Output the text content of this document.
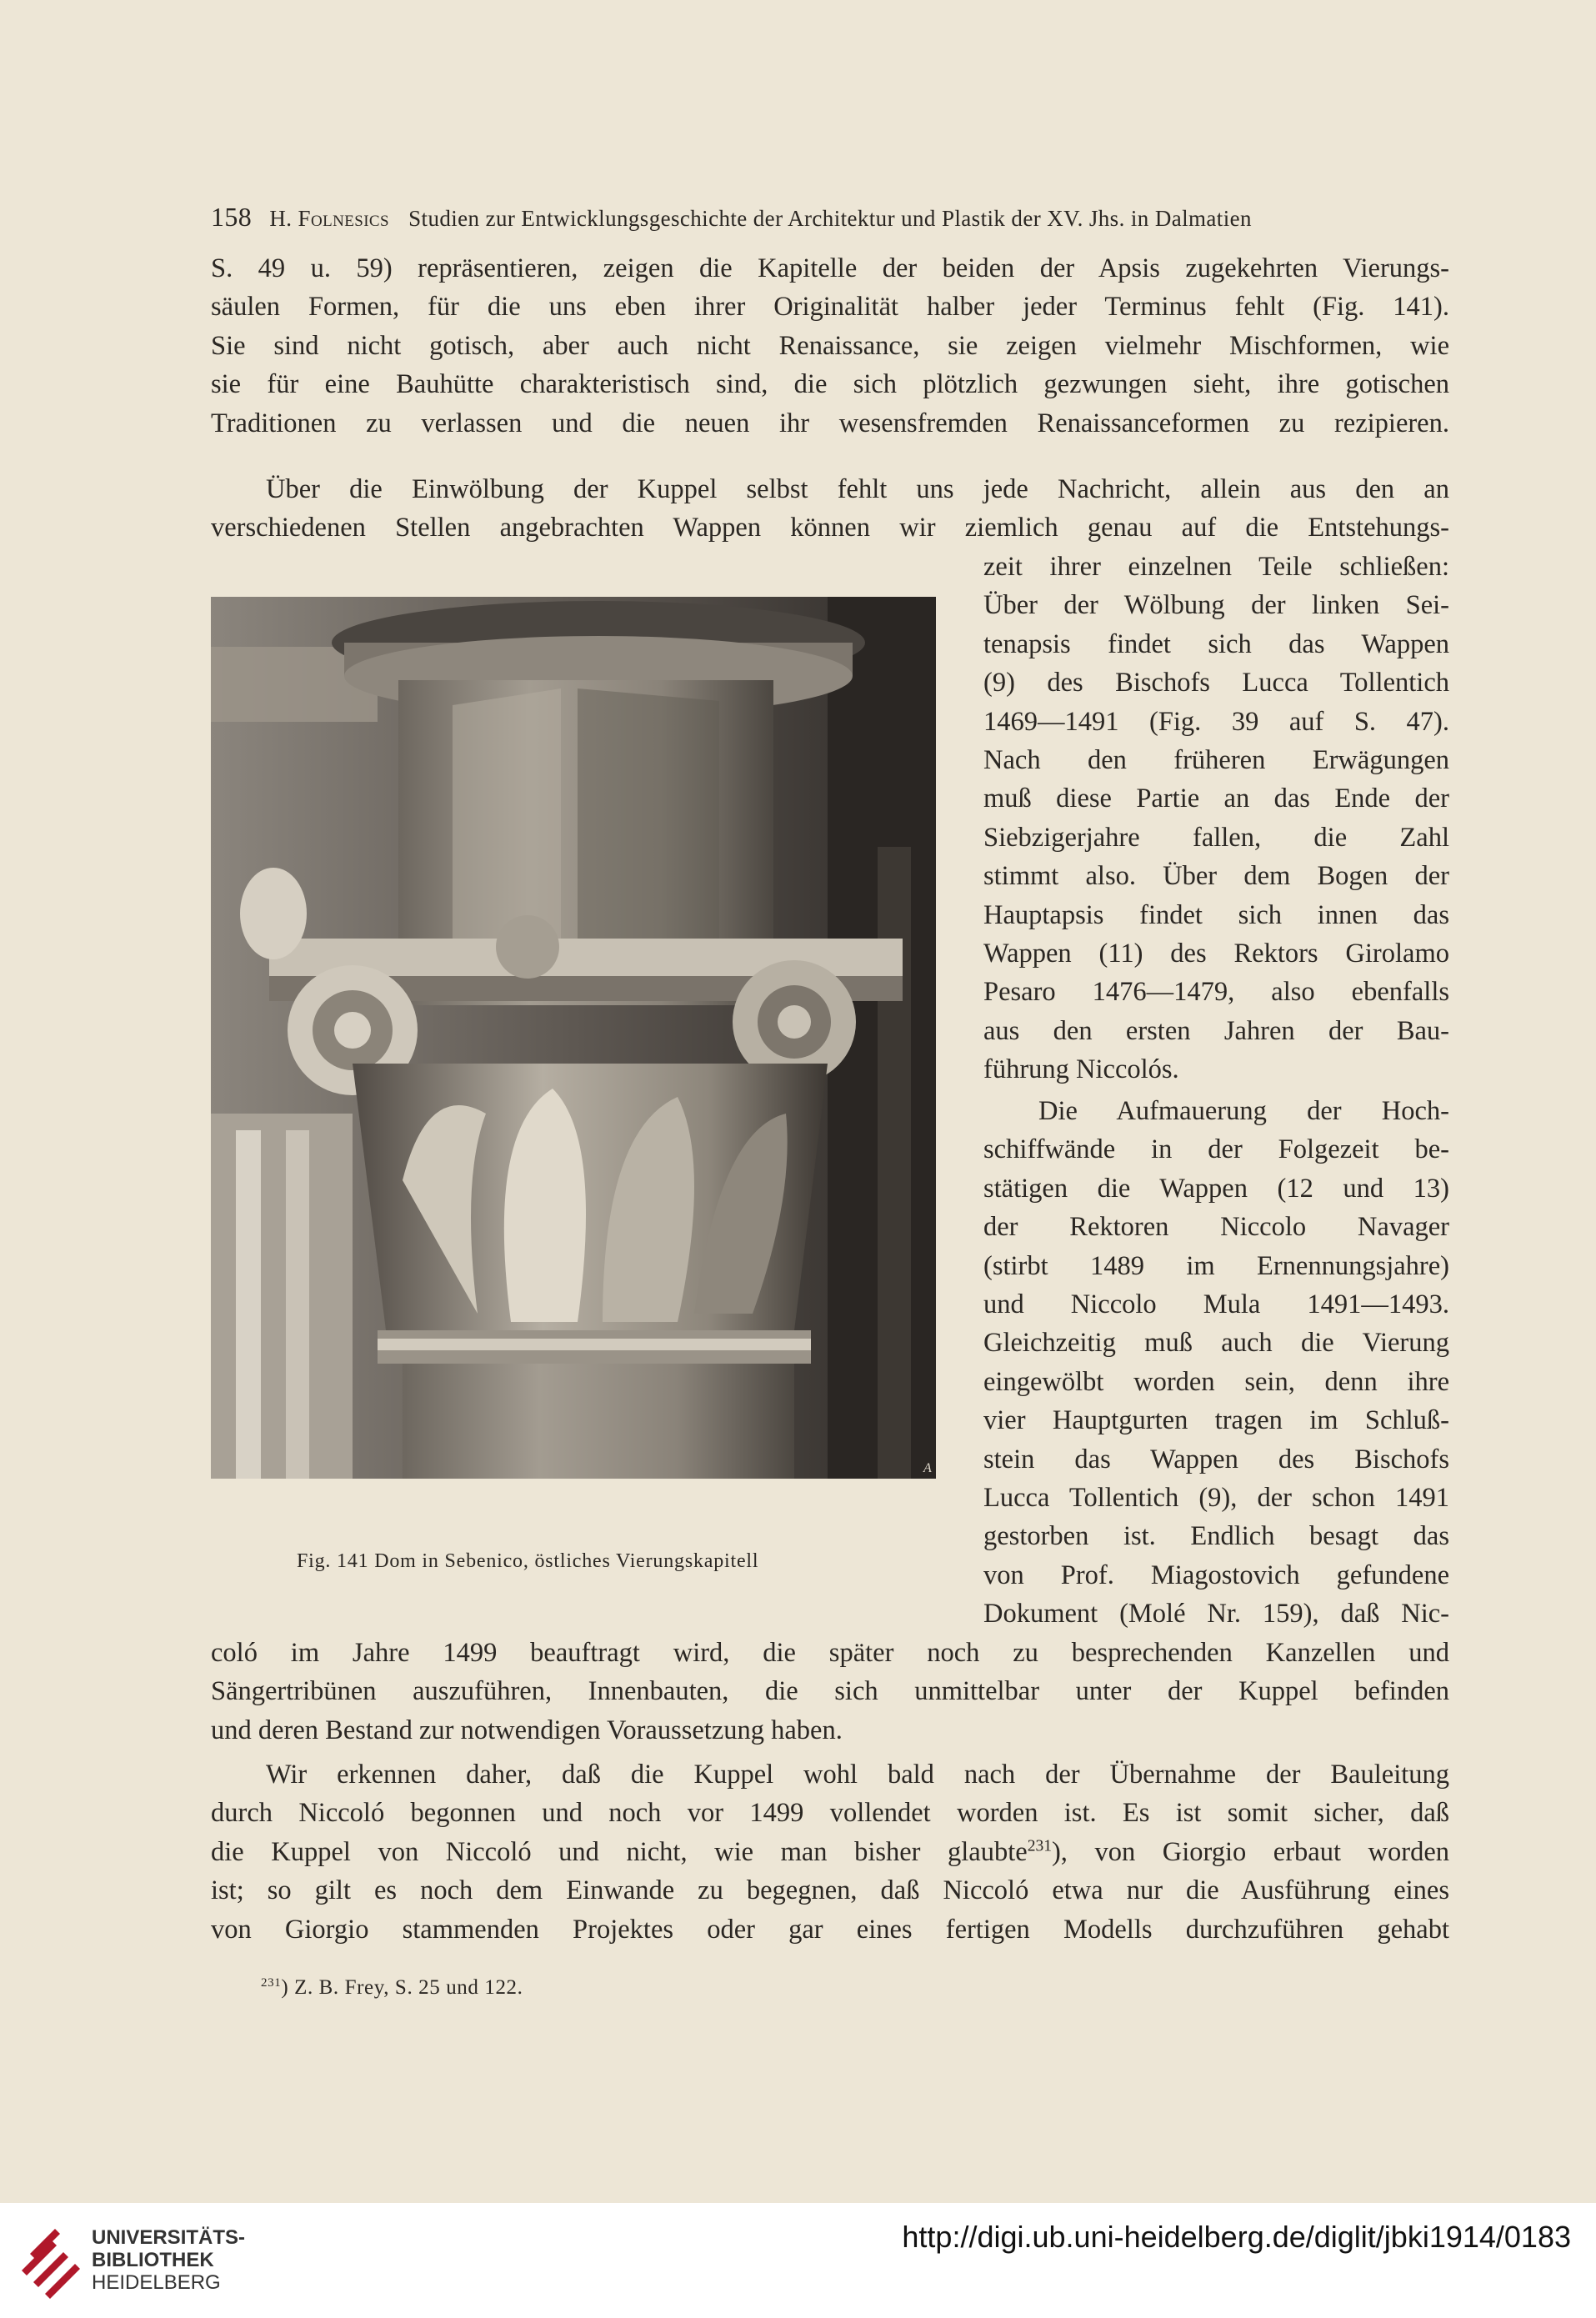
158 H. Folnesics Studien zur Entwicklungsgeschichte der Architektur und Plastik der XV. Jhs. in Dalmatien
S. 49 u. 59) repräsentieren, zeigen die Kapitelle der beiden der Apsis zugekehrten Vierungs-
säulen Formen, für die uns eben ihrer Originalität halber jeder Terminus fehlt (Fig. 141).
Sie sind nicht gotisch, aber auch nicht Renaissance, sie zeigen vielmehr Mischformen, wie
sie für eine Bauhütte charakteristisch sind, die sich plötzlich gezwungen sieht, ihre gotischen
Traditionen zu verlassen und die neuen ihr wesensfremden Renaissanceformen zu rezipieren.
Über die Einwölbung der Kuppel selbst fehlt uns jede Nachricht, allein aus den an
verschiedenen Stellen angebrachten Wappen können wir ziemlich genau auf die Entstehungs-
zeit ihrer einzelnen Teile schließen:
Über der Wölbung der linken Sei-
tenapsis findet sich das Wappen
(9) des Bischofs Lucca Tollentich
1469—1491 (Fig. 39 auf S. 47).
Nach den früheren Erwägungen
muß diese Partie an das Ende der
Siebzigerjahre fallen, die Zahl
stimmt also. Über dem Bogen der
Hauptapsis findet sich innen das
Wappen (11) des Rektors Girolamo
Pesaro 1476—1479, also ebenfalls
aus den ersten Jahren der Bau-
führung Niccolós.
Die Aufmauerung der Hoch-
schiffwände in der Folgezeit be-
stätigen die Wappen (12 und 13)
der Rektoren Niccolo Navager
(stirbt 1489 im Ernennungsjahre)
und Niccolo Mula 1491—1493.
Gleichzeitig muß auch die Vierung
eingewölbt worden sein, denn ihre
vier Hauptgurten tragen im Schluß-
stein das Wappen des Bischofs
Lucca Tollentich (9), der schon 1491
gestorben ist. Endlich besagt das
von Prof. Miagostovich gefundene
Dokument (Molé Nr. 159), daß Nic-
coló im Jahre 1499 beauftragt wird, die später noch zu besprechenden Kanzellen und
Sängertribünen auszuführen, Innenbauten, die sich unmittelbar unter der Kuppel befinden
und deren Bestand zur notwendigen Voraussetzung haben.
Wir erkennen daher, daß die Kuppel wohl bald nach der Übernahme der Bauleitung
durch Niccoló begonnen und noch vor 1499 vollendet worden ist. Es ist somit sicher, daß
die Kuppel von Niccoló und nicht, wie man bisher glaubte$^{231}$), von Giorgio erbaut worden
ist; so gilt es noch dem Einwande zu begegnen, daß Niccoló etwa nur die Ausführung eines
von Giorgio stammenden Projektes oder gar eines fertigen Modells durchzuführen gehabt
A
Fig. 141 Dom in Sebenico, östliches Vierungskapitell
$^{231}$) Z. B. Frey, S. 25 und 122.
UNIVERSITÄTS-
BIBLIOTHEK
HEIDELBERG
http://digi.ub.uni-heidelberg.de/diglit/jbki1914/0183
